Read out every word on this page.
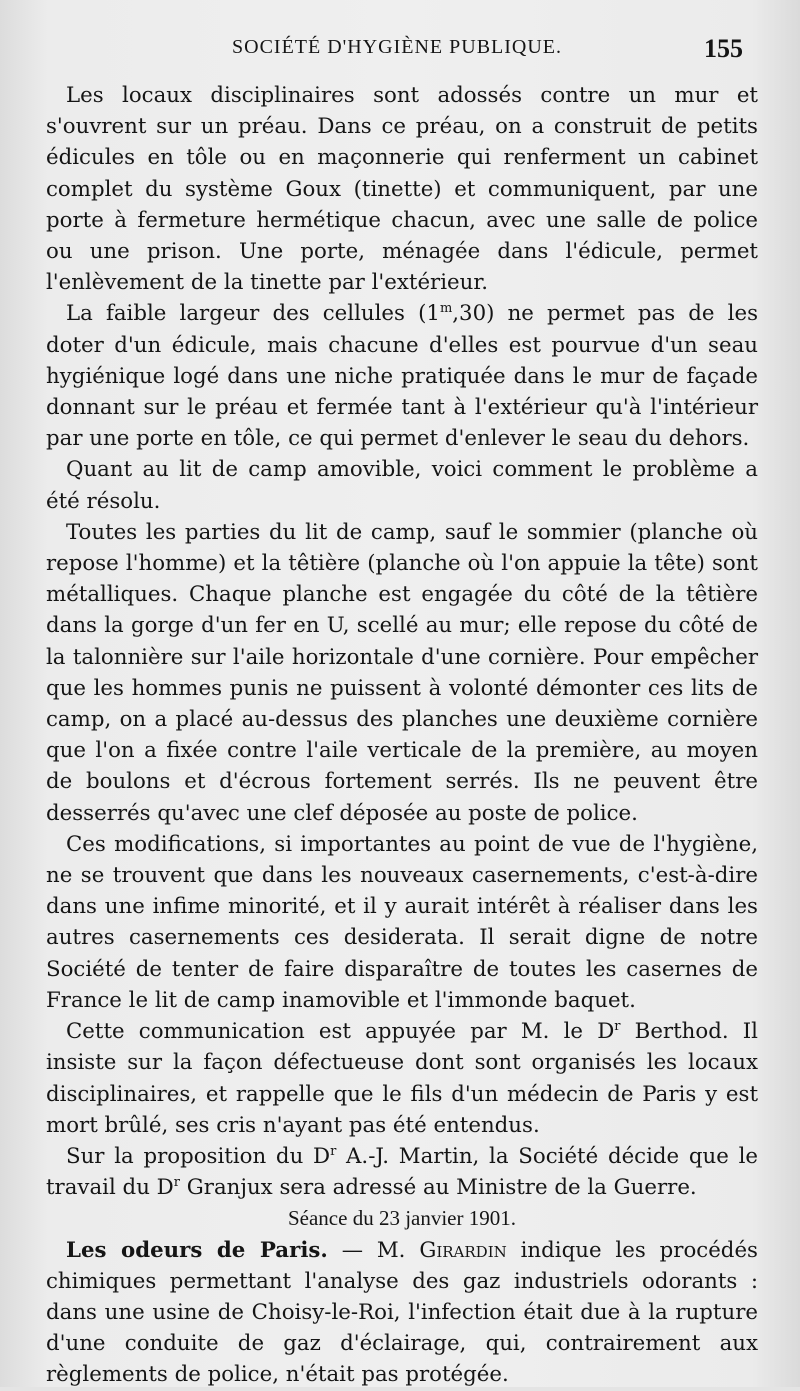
SOCIÉTÉ D'HYGIÈNE PUBLIQUE.	155

Les locaux disciplinaires sont adossés contre un mur et s'ouvrent sur un préau. Dans ce préau, on a construit de petits édicules en tôle ou en maçonnerie qui renferment un cabinet complet du système Goux (tinette) et communiquent, par une porte à fermeture hermétique chacun, avec une salle de police ou une prison. Une porte, ménagée dans l'édicule, permet l'enlèvement de la tinette par l'extérieur.

La faible largeur des cellules (1$^m$,30) ne permet pas de les doter d'un édicule, mais chacune d'elles est pourvue d'un seau hygiénique logé dans une niche pratiquée dans le mur de façade donnant sur le préau et fermée tant à l'extérieur qu'à l'intérieur par une porte en tôle, ce qui permet d'enlever le seau du dehors.

Quant au lit de camp amovible, voici comment le problème a été résolu.

Toutes les parties du lit de camp, sauf le sommier (planche où repose l'homme) et la têtière (planche où l'on appuie la tête) sont métalliques. Chaque planche est engagée du côté de la têtière dans la gorge d'un fer en U, scellé au mur; elle repose du côté de la talonnière sur l'aile horizontale d'une cornière. Pour empêcher que les hommes punis ne puissent à volonté démonter ces lits de camp, on a placé au-dessus des planches une deuxième cornière que l'on a fixée contre l'aile verticale de la première, au moyen de boulons et d'écrous fortement serrés. Ils ne peuvent être desserrés qu'avec une clef déposée au poste de police.

Ces modifications, si importantes au point de vue de l'hygiène, ne se trouvent que dans les nouveaux casernements, c'est-à-dire dans une infime minorité, et il y aurait intérêt à réaliser dans les autres casernements ces desiderata. Il serait digne de notre Société de tenter de faire disparaître de toutes les casernes de France le lit de camp inamovible et l'immonde baquet.

Cette communication est appuyée par M. le $D^r$ Berthod. Il insiste sur la façon défectueuse dont sont organisés les locaux disciplinaires, et rappelle que le fils d'un médecin de Paris y est mort brûlé, ses cris n'ayant pas été entendus.

Sur la proposition du $D^r$ A.-J. Martin, la Société décide que le travail du $D^r$ Granjux sera adressé au Ministre de la Guerre.

Séance du 23 janvier 1901.

Les odeurs de Paris. — M. Girardin indique les procédés chimiques permettant l'analyse des gaz industriels odorants : dans une usine de Choisy-le-Roi, l'infection était due à la rupture d'une conduite de gaz d'éclairage, qui, contrairement aux règlements de police, n'était pas protégée.
